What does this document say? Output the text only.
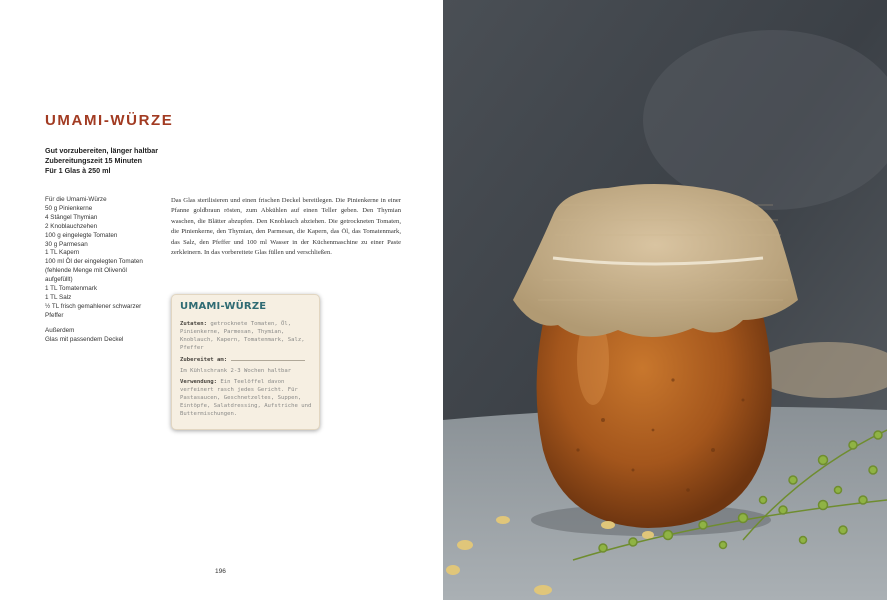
UMAMI-WÜRZE
Gut vorzubereiten, länger haltbar
Zubereitungszeit 15 Minuten
Für 1 Glas à 250 ml
Für die Umami-Würze
50 g Pinienkerne
4 Stängel Thymian
2 Knoblauchzehen
100 g eingelegte Tomaten
30 g Parmesan
1 TL Kapern
100 ml Öl der eingelegten Tomaten (fehlende Menge mit Olivenöl aufgefüllt)
1 TL Tomatenmark
1 TL Salz
½ TL frisch gemahlener schwarzer Pfeffer
Außerdem
Glas mit passendem Deckel
Das Glas sterilisieren und einen frischen Deckel bereitlegen. Die Pinienkerne in einer Pfanne goldbraun rösten, zum Abkühlen auf einen Teller geben. Den Thymian waschen, die Blätter abzupfen. Den Knoblauch abziehen. Die getrockneten Tomaten, die Pinienkerne, den Thymian, den Parmesan, die Kapern, das Öl, das Tomatenmark, das Salz, den Pfeffer und 100 ml Wasser in der Küchenmaschine zu einer Paste zerkleinern. In das vorbereitete Glas füllen und verschließen.
UMAMI-WÜRZE
Zutaten: getrocknete Tomaten, Öl, Pinienkerne, Parmesan, Thymian, Knoblauch, Kapern, Tomatenmark, Salz, Pfeffer
Zubereitet am:
Im Kühlschrank 2-3 Wochen haltbar
Verwendung: Ein Teelöffel davon verfeinert rasch jedes Gericht. Für Pastasaucen, Geschnetzeltes, Suppen, Eintöpfe, Salatdressing, Aufstriche und Buttermischungen.
196
